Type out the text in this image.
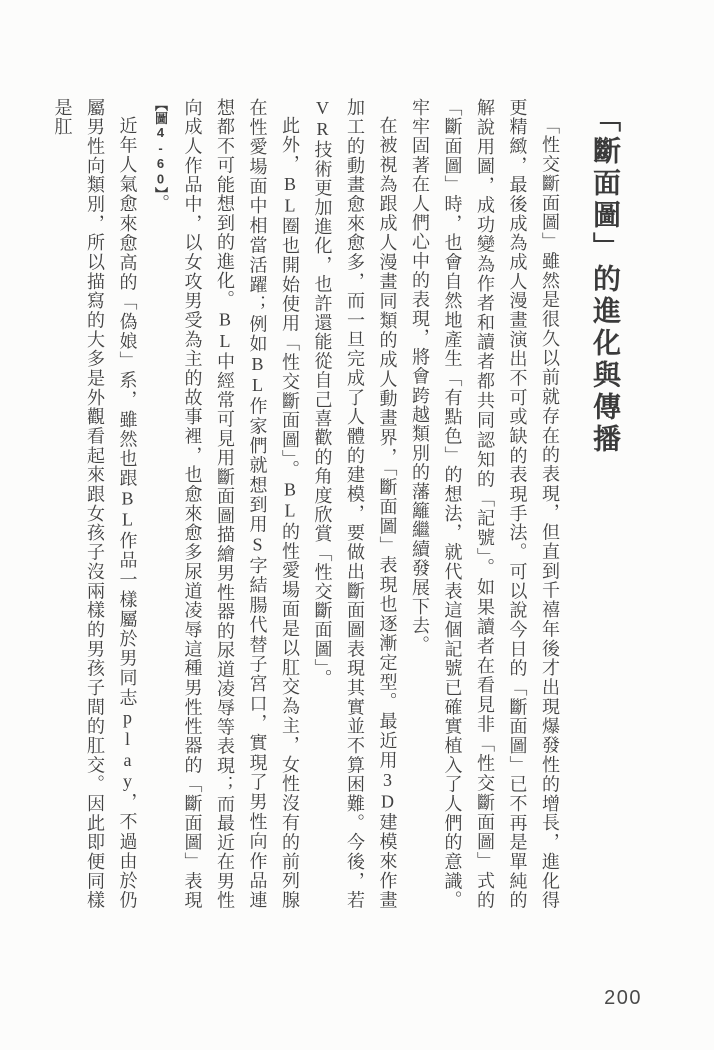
「斷面圖」的進化與傳播

「性交斷面圖」雖然是很久以前就存在的表現，但直到千禧年後才出現爆發性的增長，進化得更精緻，最後成為成人漫畫演出不可或缺的表現手法。可以說今日的「斷面圖」已不再是單純的解說用圖，成功變為作者和讀者都共同認知的「記號」。如果讀者在看見非「性交斷面圖」式的「斷面圖」時，也會自然地產生「有點色」的想法，就代表這個記號已確實植入了人們的意識。牢牢固著在人們心中的表現，將會跨越類別的藩籬繼續發展下去。

在被視為跟成人漫畫同類的成人動畫界，「斷面圖」表現也逐漸定型。最近用3D建模來作畫加工的動畫愈來愈多，而一旦完成了人體的建模，要做出斷面圖表現其實並不算困難。今後，若VR技術更加進化，也許還能從自己喜歡的角度欣賞「性交斷面圖」。

此外，BL圈也開始使用「性交斷面圖」。BL的性愛場面是以肛交為主，女性沒有的前列腺在性愛場面中相當活躍；例如BL作家們就想到用S字結腸代替子宮口，實現了男性向作品連想都不可能想到的進化。BL中經常可見用斷面圖描繪男性器的尿道凌辱等表現；而最近在男性向成人作品中，以女攻男受為主的故事裡，也愈來愈多尿道凌辱這種男性性器的「斷面圖」表現【圖4-60】。

近年人氣愈來愈高的「偽娘」系，雖然也跟BL作品一樣屬於男同志play，不過由於仍屬男性向類別，所以描寫的大多是外觀看起來跟女孩子沒兩樣的男孩子間的肛交。因此即便同樣是肛

200
